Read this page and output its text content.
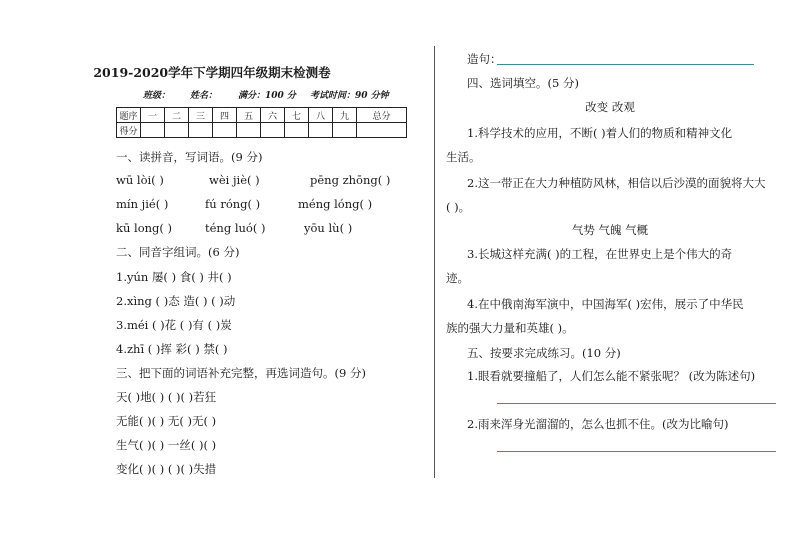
2019-2020学年下学期四年级期末检测卷
班级： 姓名： 满分：100 分 考试时间：90 分钟
题序	一	二	三	四	五	六	七	八	九	总分
得分										
一、读拼音，写词语。(9 分)
wū lòi( )	wèi jiè( )	pēng zhōng( )
mín jié( )	fú róng( )	méng lóng( )
kū long( )	téng luó( )	yōu lù( )
二、同音字组词。(6 分)
1.yún 屡( ) 食( ) 井( )
2.xìng ( )态 造( ) ( )动
3.méi ( )花 ( )有 ( )炭
4.zhī ( )挥 彩( ) 禁( )
三、把下面的词语补充完整，再选词造句。(9 分)
天( )地( ) ( )( )若狂
无能( )( ) 无( )无( )
生气( )( ) 一丝( )( )
变化( )( ) ( )( )失措
造句：
四、选词填空。(5 分)
改变 改观
1.科学技术的应用，不断( )着人们的物质和精神文化
生活。
2.这一带正在大力种植防风林，相信以后沙漠的面貌将大大
( )。
气势 气魄 气概
3.长城这样充满( )的工程，在世界史上是个伟大的奇
迹。
4.在中俄南海军演中，中国海军( )宏伟，展示了中华民
族的强大力量和英雄( )。
五、按要求完成练习。(10 分)
1.眼看就要撞船了，人们怎么能不紧张呢？ (改为陈述句)
2.雨来浑身光溜溜的，怎么也抓不住。(改为比喻句)
